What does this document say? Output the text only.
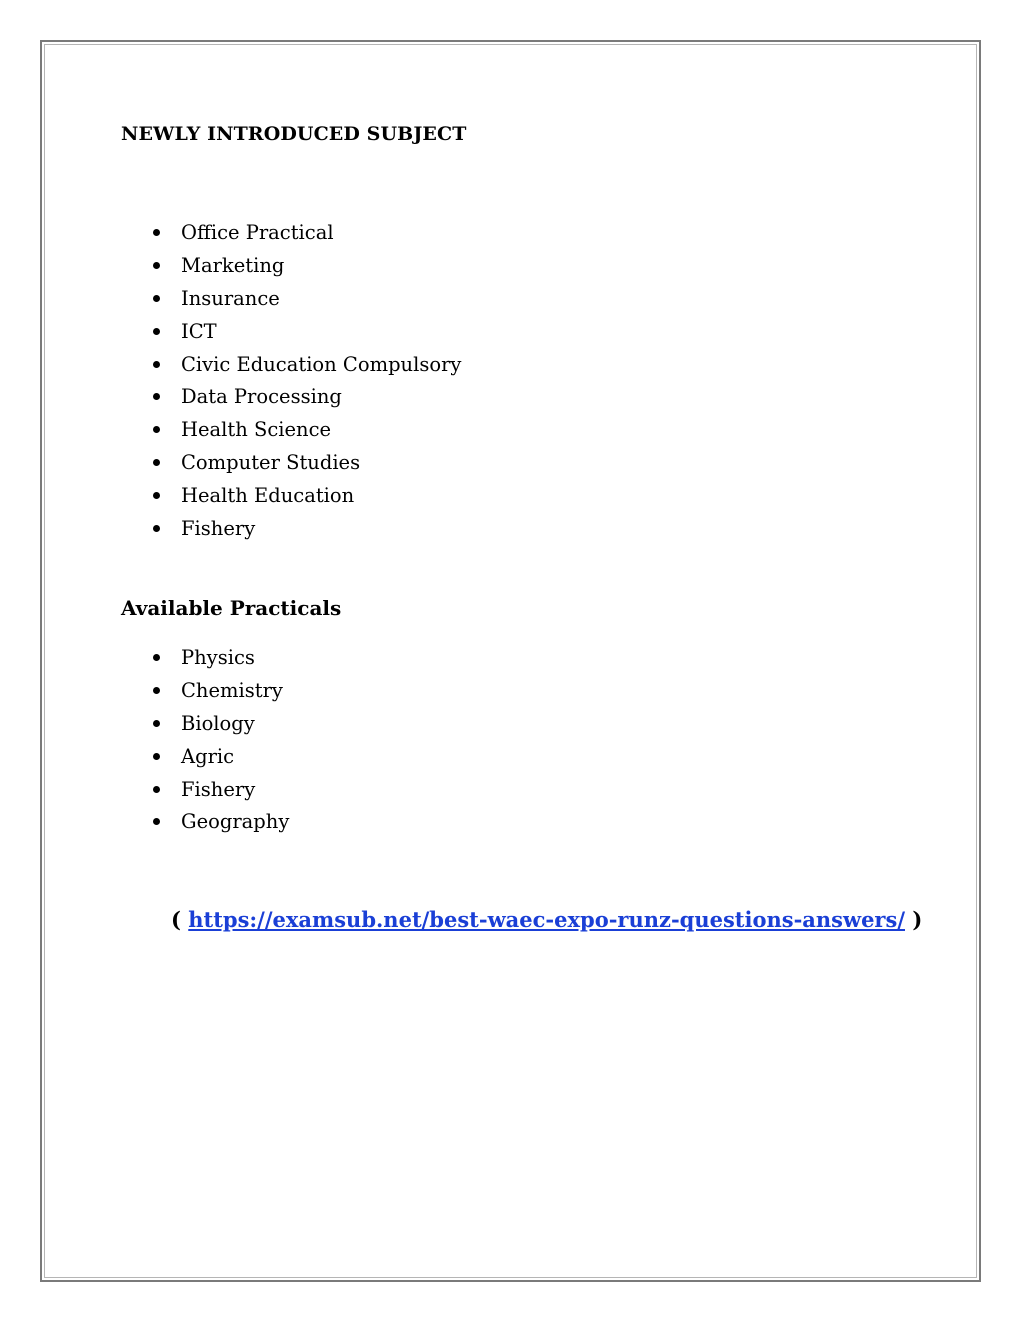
NEWLY INTRODUCED SUBJECT
Office Practical
Marketing
Insurance
ICT
Civic Education Compulsory
Data Processing
Health Science
Computer Studies
Health Education
Fishery
Available Practicals
Physics
Chemistry
Biology
Agric
Fishery
Geography

( https://examsub.net/best-waec-expo-runz-questions-answers/ )
